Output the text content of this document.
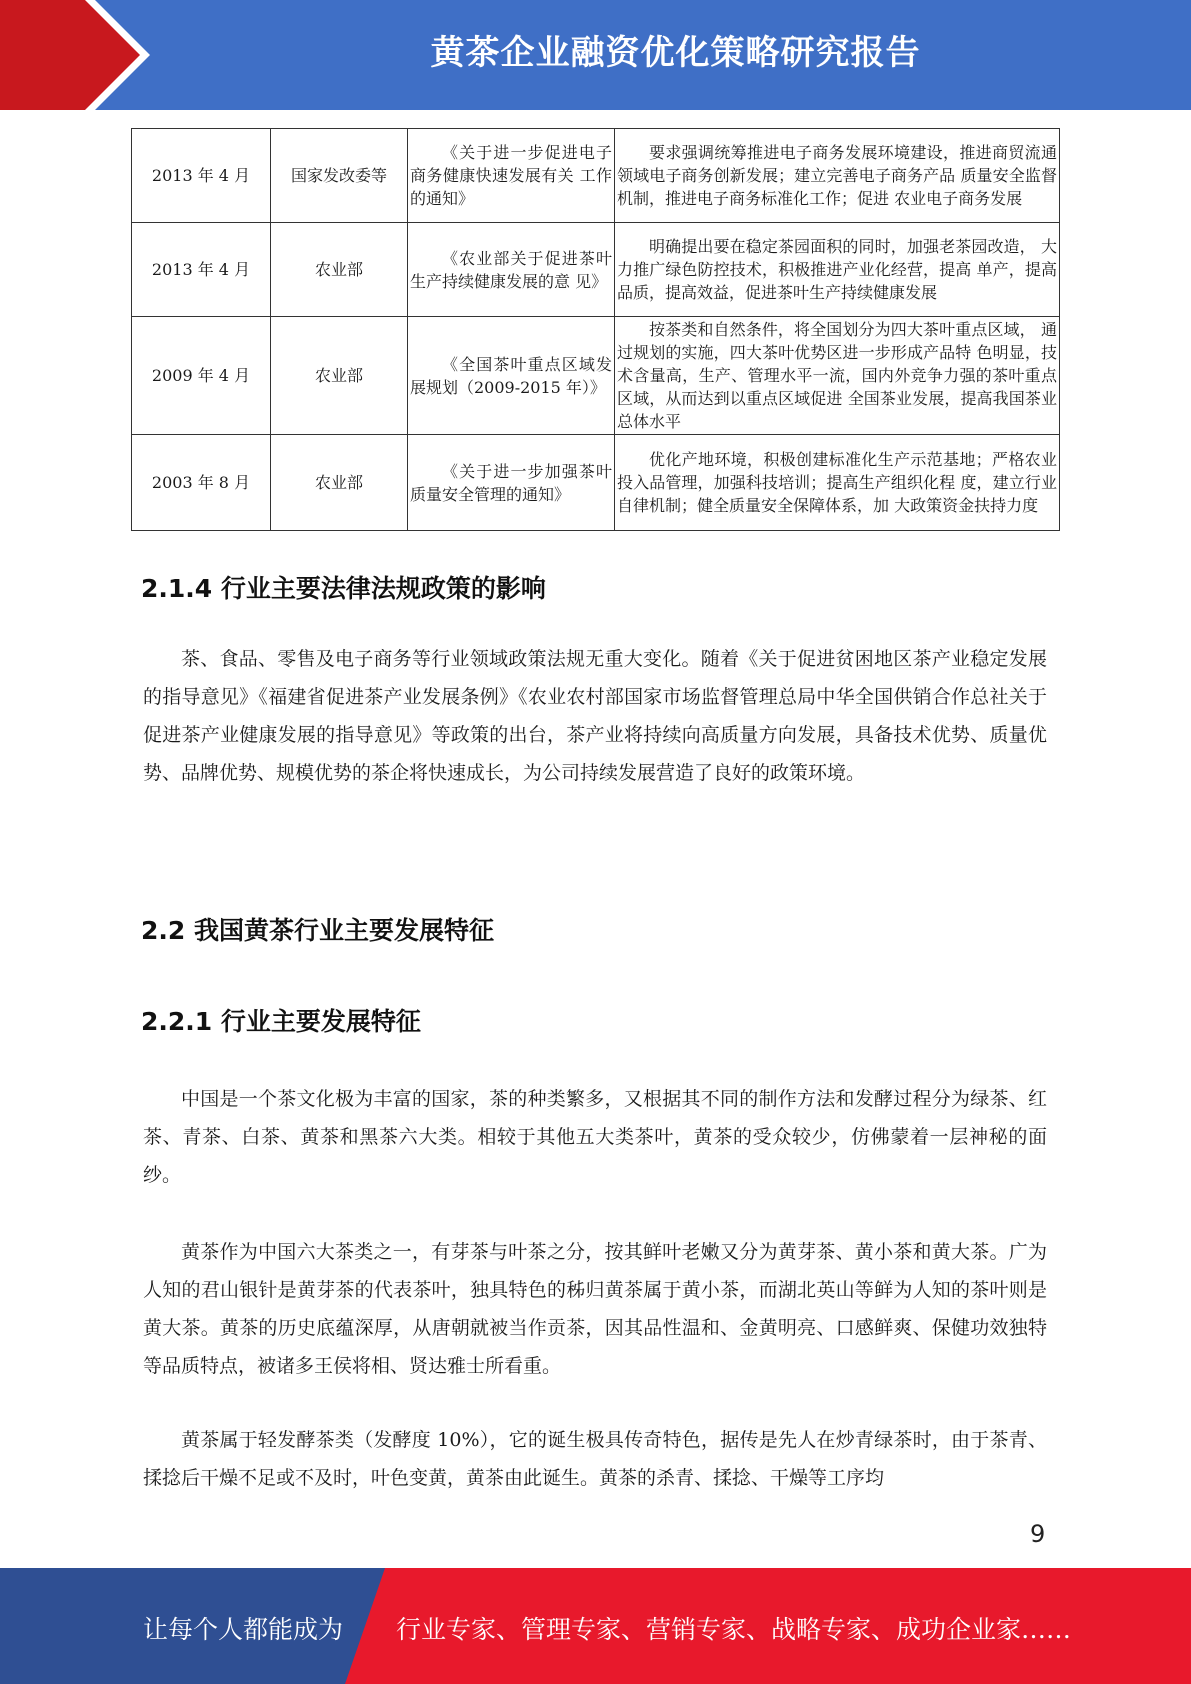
黄茶企业融资优化策略研究报告
2013 年 4 月	国家发改委等	《关于进一步促进电子 商务健康快速发展有关 工作的通知》	要求强调统筹推进电子商务发展环境建设，推进商贸流通领域电子商务创新发展；建立完善电子商务产品 质量安全监督机制，推进电子商务标准化工作；促进 农业电子商务发展
2013 年 4 月	农业部	《农业部关于促进茶叶 生产持续健康发展的意 见》	明确提出要在稳定茶园面积的同时，加强老茶园改造， 大力推广绿色防控技术，积极推进产业化经营，提高 单产，提高品质，提高效益，促进茶叶生产持续健康发展
2009 年 4 月	农业部	《全国茶叶重点区域发 展规划（2009-2015 年）》	按茶类和自然条件，将全国划分为四大茶叶重点区域， 通过规划的实施，四大茶叶优势区进一步形成产品特 色明显，技术含量高，生产、管理水平一流，国内外竞争力强的茶叶重点区域，从而达到以重点区域促进 全国茶业发展，提高我国茶业总体水平
2003 年 8 月	农业部	《关于进一步加强茶叶 质量安全管理的通知》	优化产地环境，积极创建标准化生产示范基地；严格农业投入品管理，加强科技培训；提高生产组织化程 度，建立行业自律机制；健全质量安全保障体系，加 大政策资金扶持力度
2.1.4 行业主要法律法规政策的影响
茶、食品、零售及电子商务等行业领域政策法规无重大变化。随着《关于促进贫困地区茶产业稳定发展的指导意见》《福建省促进茶产业发展条例》《农业农村部国家市场监督管理总局中华全国供销合作总社关于促进茶产业健康发展的指导意见》等政策的出台，茶产业将持续向高质量方向发展，具备技术优势、质量优势、品牌优势、规模优势的茶企将快速成长，为公司持续发展营造了良好的政策环境。
2.2 我国黄茶行业主要发展特征
2.2.1 行业主要发展特征
中国是一个茶文化极为丰富的国家，茶的种类繁多，又根据其不同的制作方法和发酵过程分为绿茶、红茶、青茶、白茶、黄茶和黑茶六大类。相较于其他五大类茶叶，黄茶的受众较少，仿佛蒙着一层神秘的面纱。
黄茶作为中国六大茶类之一，有芽茶与叶茶之分，按其鲜叶老嫩又分为黄芽茶、黄小茶和黄大茶。广为人知的君山银针是黄芽茶的代表茶叶，独具特色的秭归黄茶属于黄小茶，而湖北英山等鲜为人知的茶叶则是黄大茶。黄茶的历史底蕴深厚，从唐朝就被当作贡茶，因其品性温和、金黄明亮、口感鲜爽、保健功效独特等品质特点，被诸多王侯将相、贤达雅士所看重。
黄茶属于轻发酵茶类（发酵度 10%），它的诞生极具传奇特色，据传是先人在炒青绿茶时，由于茶青、揉捻后干燥不足或不及时，叶色变黄，黄茶由此诞生。黄茶的杀青、揉捻、干燥等工序均
9
让每个人都能成为 行业专家、管理专家、营销专家、战略专家、成功企业家……
